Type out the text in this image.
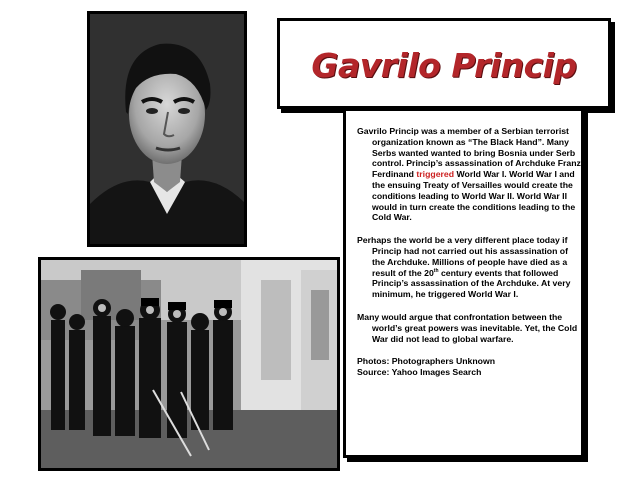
Gavrilo Princip

Gavrilo Princip was a member of a Serbian terrorist organization known as “The Black Hand”. Many Serbs wanted wanted to bring Bosnia under Serb control. Princip’s assassination of Archduke Franz Ferdinand triggered World War I. World War I and the ensuing Treaty of Versailles would create the conditions leading to World War II. World War II would in turn create the conditions leading to the Cold War.

Perhaps the world be a very different place today if Princip had not carried out his assassination of the Archduke. Millions of people have died as a result of the 20th century events that followed Princip’s assassination of the Archduke. At very minimum, he triggered World War I.

Many would argue that confrontation between the world’s great powers was inevitable. Yet, the Cold War did not lead to global warfare.

Photos: Photographers Unknown
Source: Yahoo Images Search
